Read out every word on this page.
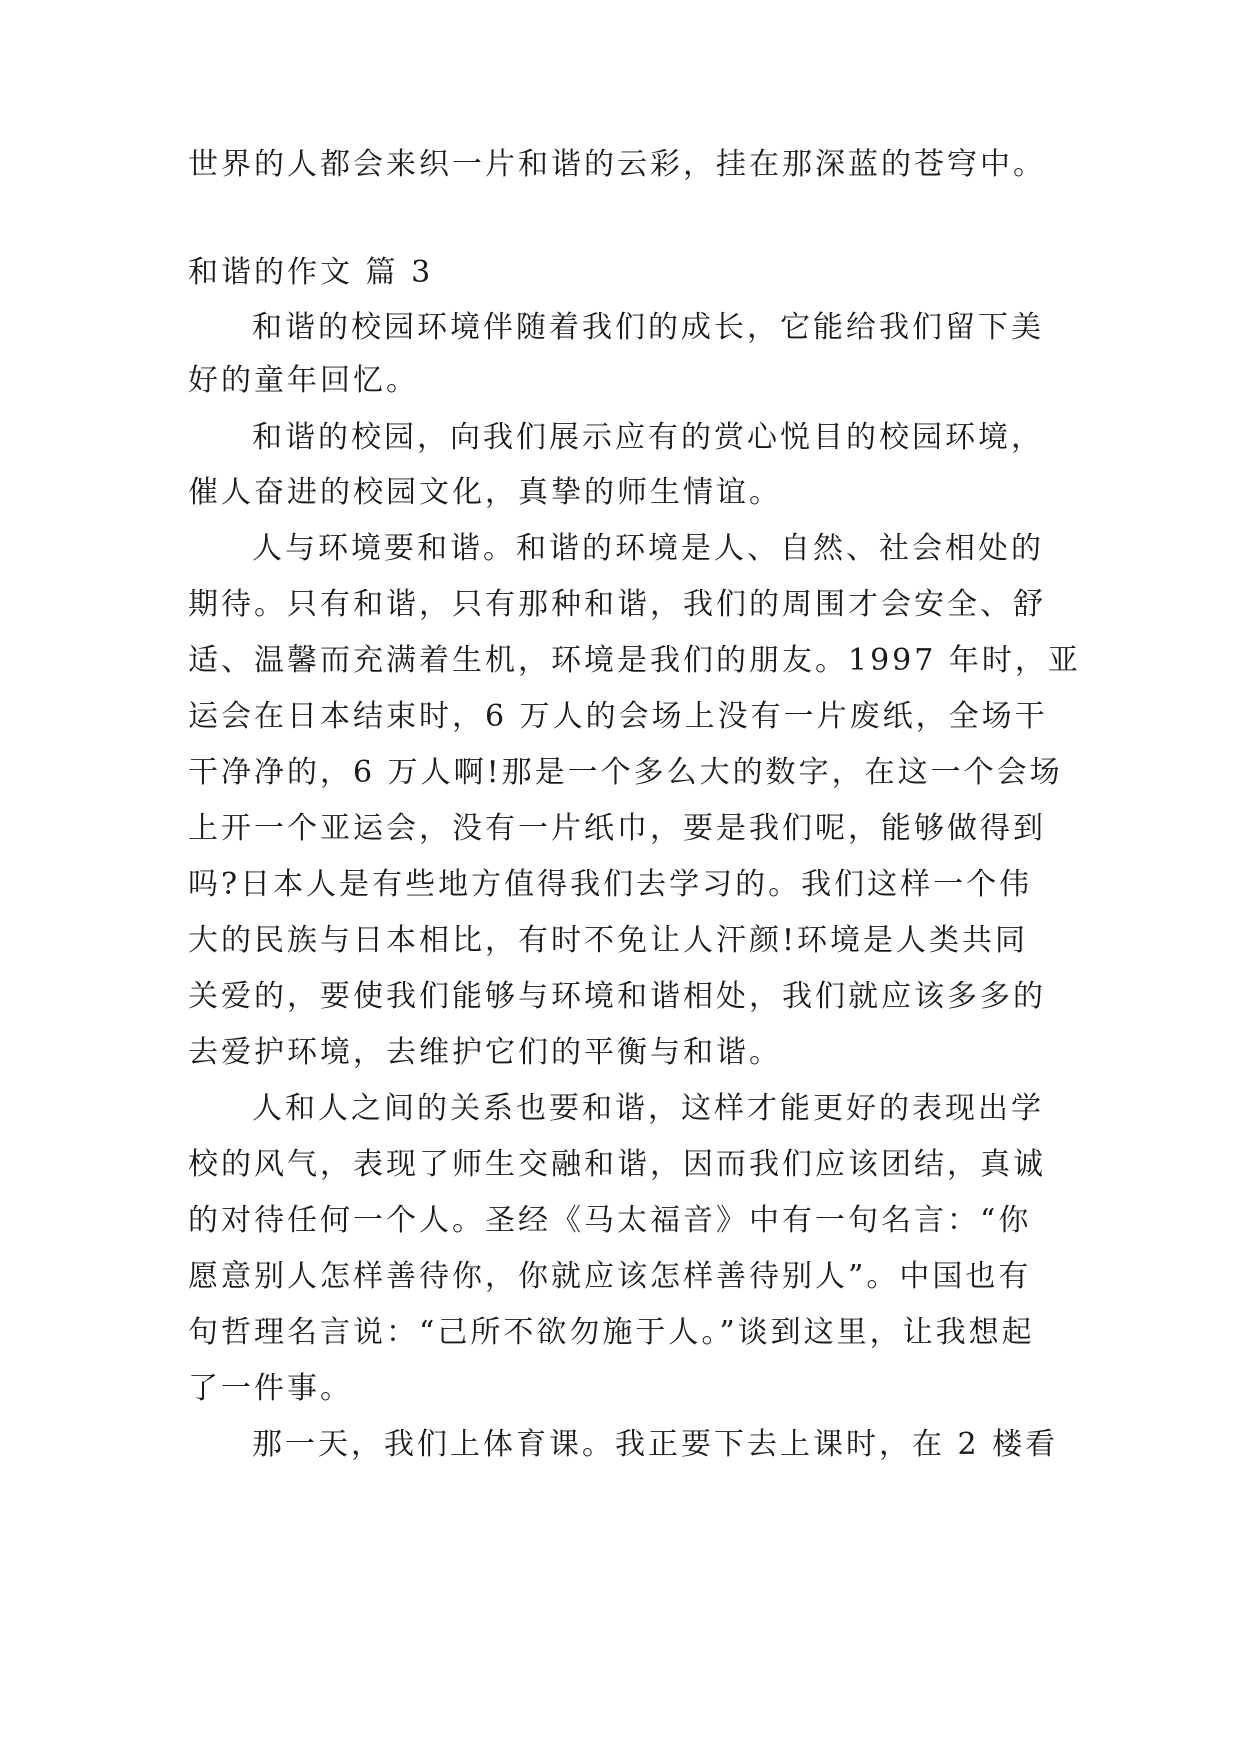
世界的人都会来织一片和谐的云彩，挂在那深蓝的苍穹中。
和谐的作文 篇 3
和谐的校园环境伴随着我们的成长，它能给我们留下美
好的童年回忆。
和谐的校园，向我们展示应有的赏心悦目的校园环境，
催人奋进的校园文化，真挚的师生情谊。
人与环境要和谐。和谐的环境是人、自然、社会相处的
期待。只有和谐，只有那种和谐，我们的周围才会安全、舒
适、温馨而充满着生机，环境是我们的朋友。1997 年时，亚
运会在日本结束时，6 万人的会场上没有一片废纸，全场干
干净净的，6 万人啊!那是一个多么大的数字，在这一个会场
上开一个亚运会，没有一片纸巾，要是我们呢，能够做得到
吗?日本人是有些地方值得我们去学习的。我们这样一个伟
大的民族与日本相比，有时不免让人汗颜!环境是人类共同
关爱的，要使我们能够与环境和谐相处，我们就应该多多的
去爱护环境，去维护它们的平衡与和谐。
人和人之间的关系也要和谐，这样才能更好的表现出学
校的风气，表现了师生交融和谐，因而我们应该团结，真诚
的对待任何一个人。圣经《马太福音》中有一句名言：“你
愿意别人怎样善待你，你就应该怎样善待别人”。中国也有
句哲理名言说：“己所不欲勿施于人。”谈到这里，让我想起
了一件事。
那一天，我们上体育课。我正要下去上课时，在 2 楼看
